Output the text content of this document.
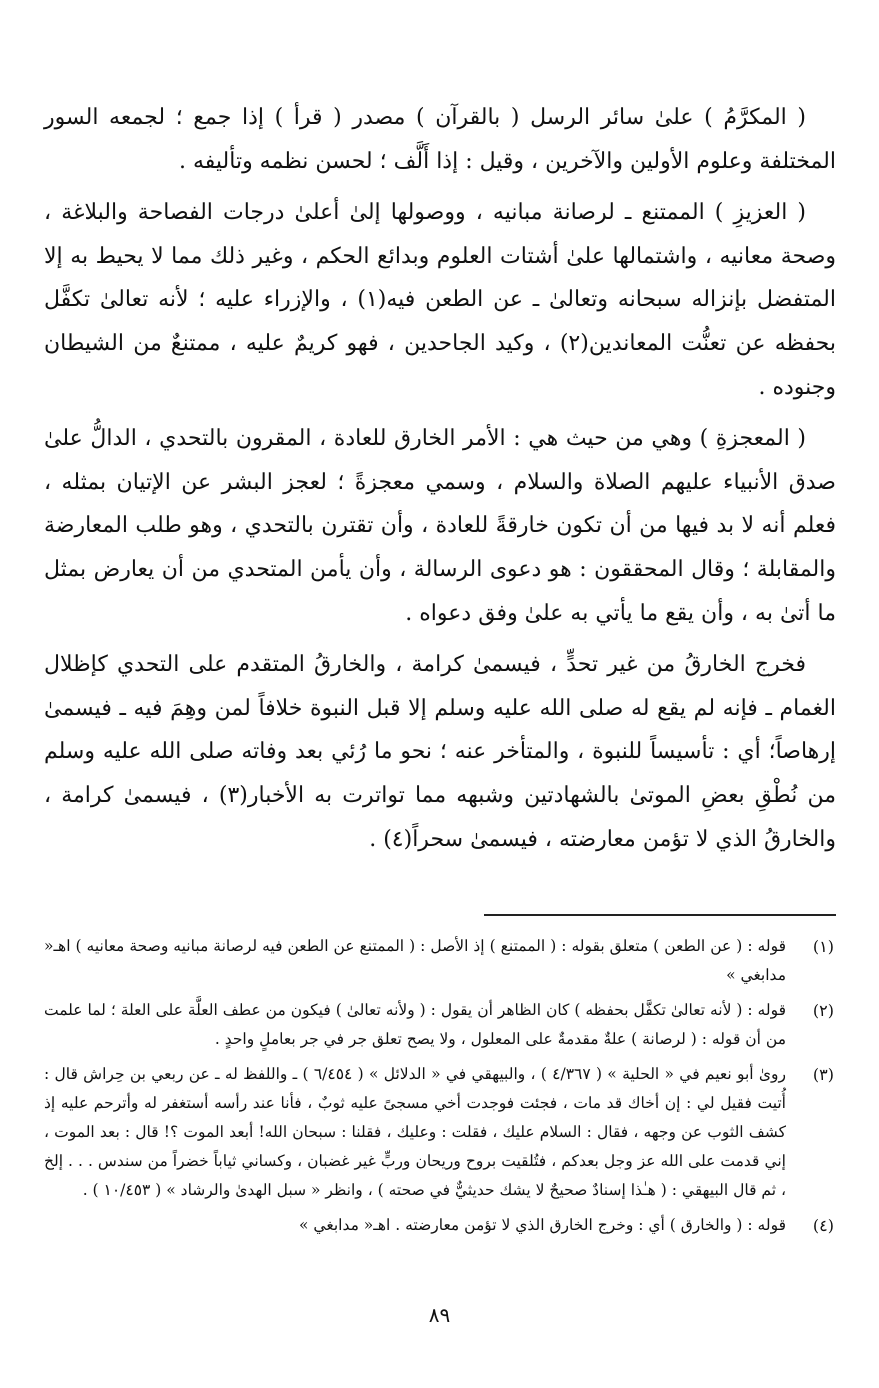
( المكرَّمُ ) علىٰ سائر الرسل ( بالقرآن ) مصدر ( قرأ ) إذا جمع ؛ لجمعه السور المختلفة وعلوم الأولين والآخرين ، وقيل : إذا أَلَّف ؛ لحسن نظمه وتأليفه .

( العزيزِ ) الممتنع ـ لرصانة مبانيه ، ووصولها إلىٰ أعلىٰ درجات الفصاحة والبلاغة ، وصحة معانيه ، واشتمالها علىٰ أشتات العلوم وبدائع الحكم ، وغير ذلك مما لا يحيط به إلا المتفضل بإنزاله سبحانه وتعالىٰ ـ عن الطعن فيه(١) ، والإزراء عليه ؛ لأنه تعالىٰ تكفَّل بحفظه عن تعنُّت المعاندين(٢) ، وكيد الجاحدين ، فهو كريمٌ عليه ، ممتنعٌ من الشيطان وجنوده .

( المعجزةِ ) وهي من حيث هي : الأمر الخارق للعادة ، المقرون بالتحدي ، الدالُّ علىٰ صدق الأنبياء عليهم الصلاة والسلام ، وسمي معجزةً ؛ لعجز البشر عن الإتيان بمثله ، فعلم أنه لا بد فيها من أن تكون خارقةً للعادة ، وأن تقترن بالتحدي ، وهو طلب المعارضة والمقابلة ؛ وقال المحققون : هو دعوى الرسالة ، وأن يأمن المتحدي من أن يعارض بمثل ما أتىٰ به ، وأن يقع ما يأتي به علىٰ وفق دعواه .

فخرج الخارقُ من غير تحدٍّ ، فيسمىٰ كرامة ، والخارقُ المتقدم على التحدي كإظلال الغمام ـ فإنه لم يقع له صلى الله عليه وسلم إلا قبل النبوة خلافاً لمن وهِمَ فيه ـ فيسمىٰ إرهاصاً؛ أي : تأسيساً للنبوة ، والمتأخر عنه ؛ نحو ما رُئي بعد وفاته صلى الله عليه وسلم من نُطْقِ بعضِ الموتىٰ بالشهادتين وشبهه مما تواترت به الأخبار(٣) ، فيسمىٰ كرامة ، والخارقُ الذي لا تؤمن معارضته ، فيسمىٰ سحراً(٤) .

(١)
قوله : ( عن الطعن ) متعلق بقوله : ( الممتنع ) إذ الأصل : ( الممتنع عن الطعن فيه لرصانة مبانيه وصحة معانيه ) اهـ« مدابغي »
(٢)
قوله : ( لأنه تعالىٰ تكفَّل بحفظه ) كان الظاهر أن يقول : ( ولأنه تعالىٰ ) فيكون من عطف العلَّة على العلة ؛ لما علمت من أن قوله : ( لرصانة ) علةٌ مقدمةٌ على المعلول ، ولا يصح تعلق جر في جر بعاملٍ واحدٍ .
(٣)
روىٰ أبو نعيم في « الحلية » ( ٤/٣٦٧ ) ، والبيهقي في « الدلائل » ( ٦/٤٥٤ ) ـ واللفظ له ـ عن ربعي بن حِراش قال : أُتيت فقيل لي : إن أخاك قد مات ، فجئت فوجدت أخي مسجىً عليه ثوبٌ ، فأنا عند رأسه أستغفر له وأترحم عليه إذ كشف الثوب عن وجهه ، فقال : السلام عليك ، فقلت : وعليك ، فقلنا : سبحان الله! أبعد الموت ؟! قال : بعد الموت ، إني قدمت على الله عز وجل بعدكم ، فتُلقيت بروح وريحان وربٍّ غير غضبان ، وكساني ثياباً خضراً من سندس . . . إلخ ، ثم قال البيهقي : ( هـٰذا إسنادٌ صحيحٌ لا يشك حديثيٌّ في صحته ) ، وانظر « سبل الهدىٰ والرشاد » ( ١٠/٤٥٣ ) .
(٤)
قوله : ( والخارق ) أي : وخرج الخارق الذي لا تؤمن معارضته . اهـ« مدابغي »
٨٩
